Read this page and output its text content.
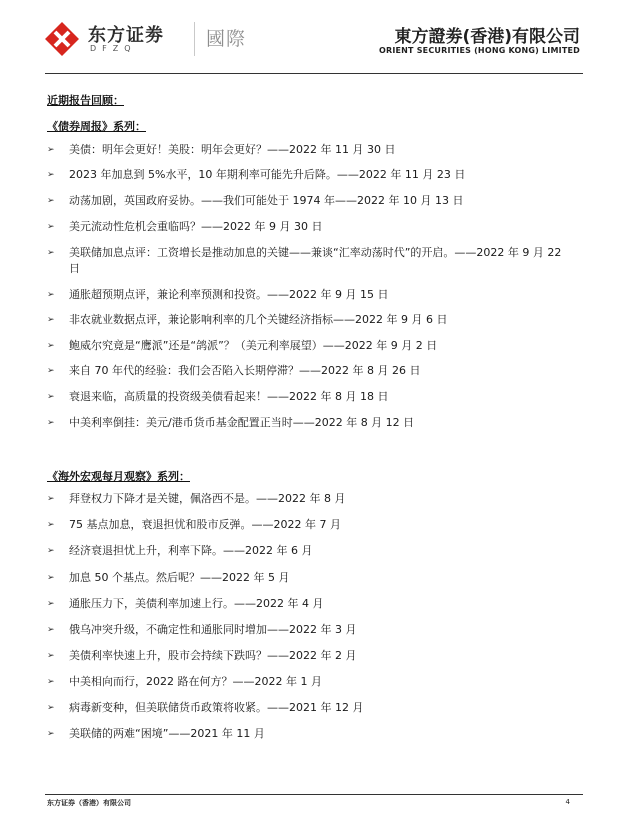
东方证劵
DFZQ	國際	東方證劵(香港)有限公司
ORIENT SECURITIES (HONG KONG) LIMITED
近期报告回顾：
《债券周报》系列：
➢ 美债：明年会更好！美股：明年会更好？——2022 年 11 月 30 日
➢ 2023 年加息到 5%水平，10 年期利率可能先升后降。——2022 年 11 月 23 日
➢ 动荡加剧，英国政府妥协。——我们可能处于 1974 年——2022 年 10 月 13 日
➢ 美元流动性危机会重临吗？——2022 年 9 月 30 日
➢ 美联储加息点评：工资增长是推动加息的关键——兼谈“汇率动荡时代”的开启。——2022 年 9 月 22 日
➢ 通胀超预期点评，兼论利率预测和投资。——2022 年 9 月 15 日
➢ 非农就业数据点评，兼论影响利率的几个关键经济指标——2022 年 9 月 6 日
➢ 鲍威尔究竟是“鹰派”还是“鸽派”？（美元利率展望）——2022 年 9 月 2 日
➢ 来自 70 年代的经验：我们会否陷入长期停滞？——2022 年 8 月 26 日
➢ 衰退来临，高质量的投资级美债看起来！——2022 年 8 月 18 日
➢ 中美利率倒挂：美元/港币货币基金配置正当时——2022 年 8 月 12 日
《海外宏观每月观察》系列：
➢ 拜登权力下降才是关键，佩洛西不是。——2022 年 8 月
➢ 75 基点加息，衰退担忧和股市反弹。——2022 年 7 月
➢ 经济衰退担忧上升，利率下降。——2022 年 6 月
➢ 加息 50 个基点。然后呢？——2022 年 5 月
➢ 通胀压力下，美债利率加速上行。——2022 年 4 月
➢ 俄乌冲突升级，不确定性和通胀同时增加——2022 年 3 月
➢ 美债利率快速上升，股市会持续下跌吗？——2022 年 2 月
➢ 中美相向而行，2022 路在何方？——2022 年 1 月
➢ 病毒新变种，但美联储货币政策将收紧。——2021 年 12 月
➢ 美联储的两难“困境”——2021 年 11 月
东方证券（香港）有限公司	4
